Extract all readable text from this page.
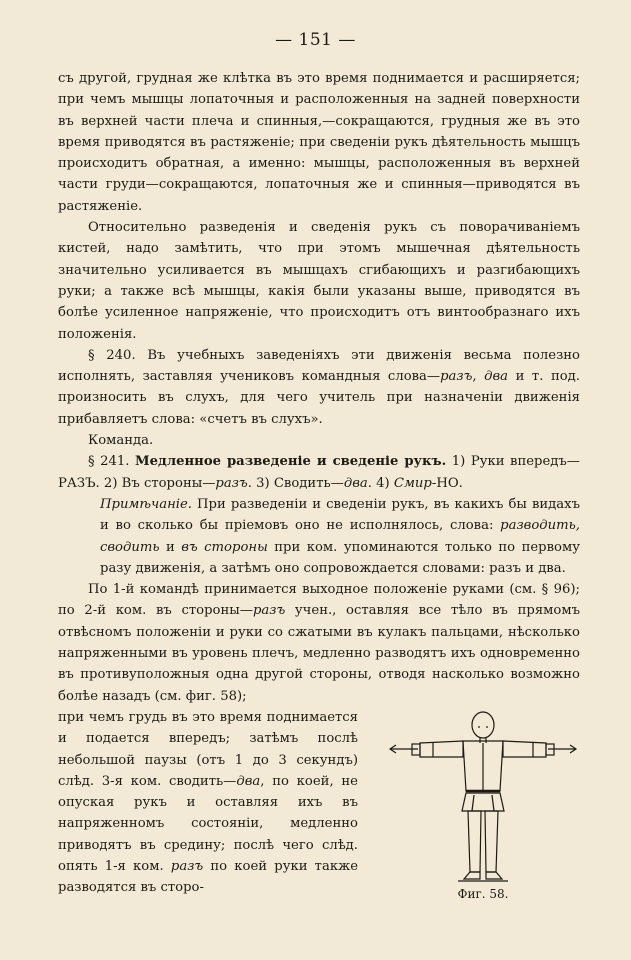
— 151 —

съ другой, грудная же клѣтка въ это время поднимается и расширяется; при чемъ мышцы лопаточныя и расположенныя на задней поверхности въ верхней части плеча и спинныя,—сокращаются, грудныя же въ это время приводятся въ растяженіе; при сведеніи рукъ дѣятельность мышцъ происходитъ обратная, а именно: мышцы, расположенныя въ верхней части груди—сокращаются, лопаточныя же и спинныя—приводятся въ растяженіе.

Относительно разведенія и сведенія рукъ съ поворачиваніемъ кистей, надо замѣтить, что при этомъ мышечная дѣятельность значительно усиливается въ мышцахъ сгибающихъ и разгибающихъ руки; а также всѣ мышцы, какія были указаны выше, приводятся въ болѣе усиленное напряженіе, что происходитъ отъ винтообразнаго ихъ положенія.

§ 240. Въ учебныхъ заведеніяхъ эти движенія весьма полезно исполнять, заставляя учениковъ командныя слова—разъ, два и т. под. произносить въ слухъ, для чего учитель при назначеніи движенія прибавляетъ слова: «счетъ въ слухъ».

Команда.

§ 241. Медленное разведеніе и сведеніе рукъ. 1) Руки впередъ—РАЗЪ. 2) Въ стороны—разъ. 3) Сводить—два. 4) Смир-НО.

Примѣчаніе. При разведеніи и сведеніи рукъ, въ какихъ бы видахъ и во сколько бы пріемовъ оно не исполнялось, слова: разводить, сводить и въ стороны при ком. упоминаются только по первому разу движенія, а затѣмъ оно сопровождается словами: разъ и два.

По 1-й командѣ принимается выходное положеніе руками (см. § 96); по 2-й ком. въ стороны—разъ учен., оставляя все тѣло въ прямомъ отвѣсномъ положеніи и руки со сжатыми въ кулакъ пальцами, нѣсколько напряженными въ уровень плечъ, медленно разводятъ ихъ одновременно въ противуположныя одна другой стороны, отводя насколько возможно болѣе назадъ (см. фиг. 58);

при чемъ грудь въ это время поднимается и подается впередъ; затѣмъ послѣ небольшой паузы (отъ 1 до 3 секундъ) слѣд. 3-я ком. сводить—два, по коей, не опуская рукъ и оставляя ихъ въ напряженномъ состояніи, медленно приводятъ въ средину; послѣ чего слѣд. опять 1-я ком. разъ по коей руки также разводятся въ сторо-	Фиг. 58.
